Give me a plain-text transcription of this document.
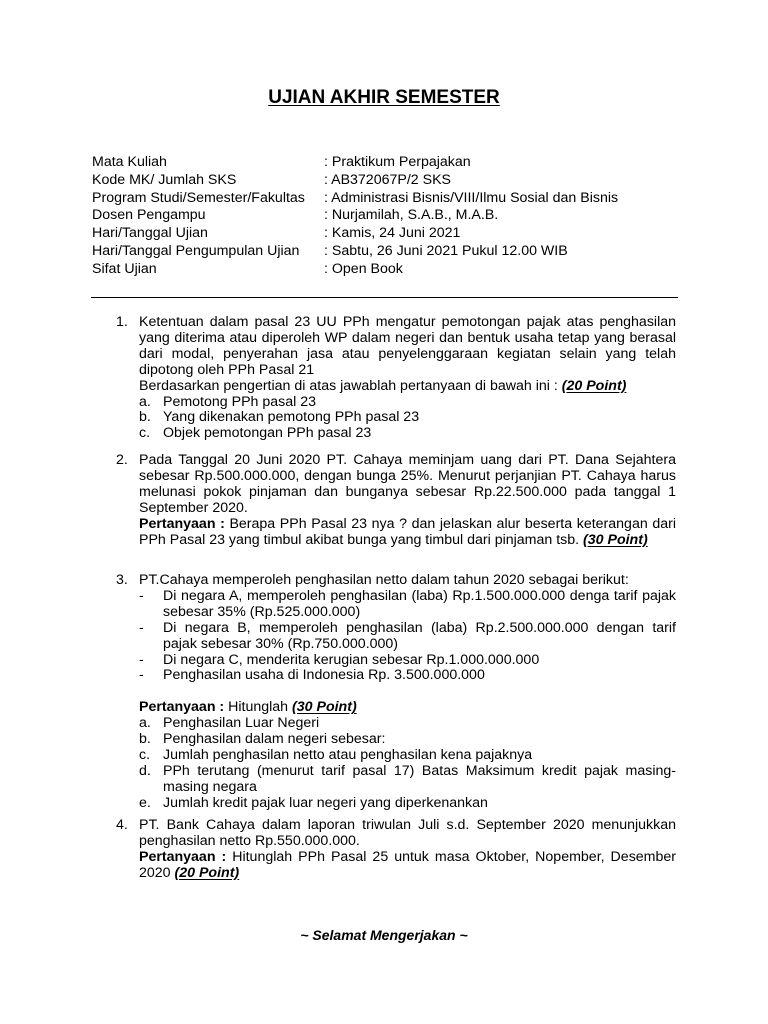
UJIAN AKHIR SEMESTER
Mata Kuliah	: Praktikum Perpajakan
Kode MK/ Jumlah SKS	: AB372067P/2 SKS
Program Studi/Semester/Fakultas	: Administrasi Bisnis/VIII/Ilmu Sosial dan Bisnis
Dosen Pengampu	: Nurjamilah, S.A.B., M.A.B.
Hari/Tanggal Ujian	: Kamis, 24 Juni 2021
Hari/Tanggal Pengumpulan Ujian	: Sabtu, 26 Juni 2021 Pukul 12.00 WIB
Sifat Ujian	: Open Book
1. Ketentuan dalam pasal 23 UU PPh mengatur pemotongan pajak atas penghasilan yang diterima atau diperoleh WP dalam negeri dan bentuk usaha tetap yang berasal dari modal, penyerahan jasa atau penyelenggaraan kegiatan selain yang telah dipotong oleh PPh Pasal 21
Berdasarkan pengertian di atas jawablah pertanyaan di bawah ini : (20 Point)
a. Pemotong PPh pasal 23
b. Yang dikenakan pemotong PPh pasal 23
c. Objek pemotongan PPh pasal 23
2. Pada Tanggal 20 Juni 2020 PT. Cahaya meminjam uang dari PT. Dana Sejahtera sebesar Rp.500.000.000, dengan bunga 25%. Menurut perjanjian PT. Cahaya harus melunasi pokok pinjaman dan bunganya sebesar Rp.22.500.000 pada tanggal 1 September 2020.
Pertanyaan : Berapa PPh Pasal 23 nya ? dan jelaskan alur beserta keterangan dari PPh Pasal 23 yang timbul akibat bunga yang timbul dari pinjaman tsb. (30 Point)
3. PT.Cahaya memperoleh penghasilan netto dalam tahun 2020 sebagai berikut:
-	Di negara A, memperoleh penghasilan (laba) Rp.1.500.000.000 denga tarif pajak sebesar 35% (Rp.525.000.000)
-	Di negara B, memperoleh penghasilan (laba) Rp.2.500.000.000 dengan tarif pajak sebesar 30% (Rp.750.000.000)
-	Di negara C, menderita kerugian sebesar Rp.1.000.000.000
-	Penghasilan usaha di Indonesia Rp. 3.500.000.000
Pertanyaan : Hitunglah (30 Point)
a. Penghasilan Luar Negeri
b. Penghasilan dalam negeri sebesar:
c. Jumlah penghasilan netto atau penghasilan kena pajaknya
d. PPh terutang (menurut tarif pasal 17) Batas Maksimum kredit pajak masing-masing negara
e. Jumlah kredit pajak luar negeri yang diperkenankan
4. PT. Bank Cahaya dalam laporan triwulan Juli s.d. September 2020 menunjukkan penghasilan netto Rp.550.000.000.
Pertanyaan : Hitunglah PPh Pasal 25 untuk masa Oktober, Nopember, Desember 2020 (20 Point)
~ Selamat Mengerjakan ~
